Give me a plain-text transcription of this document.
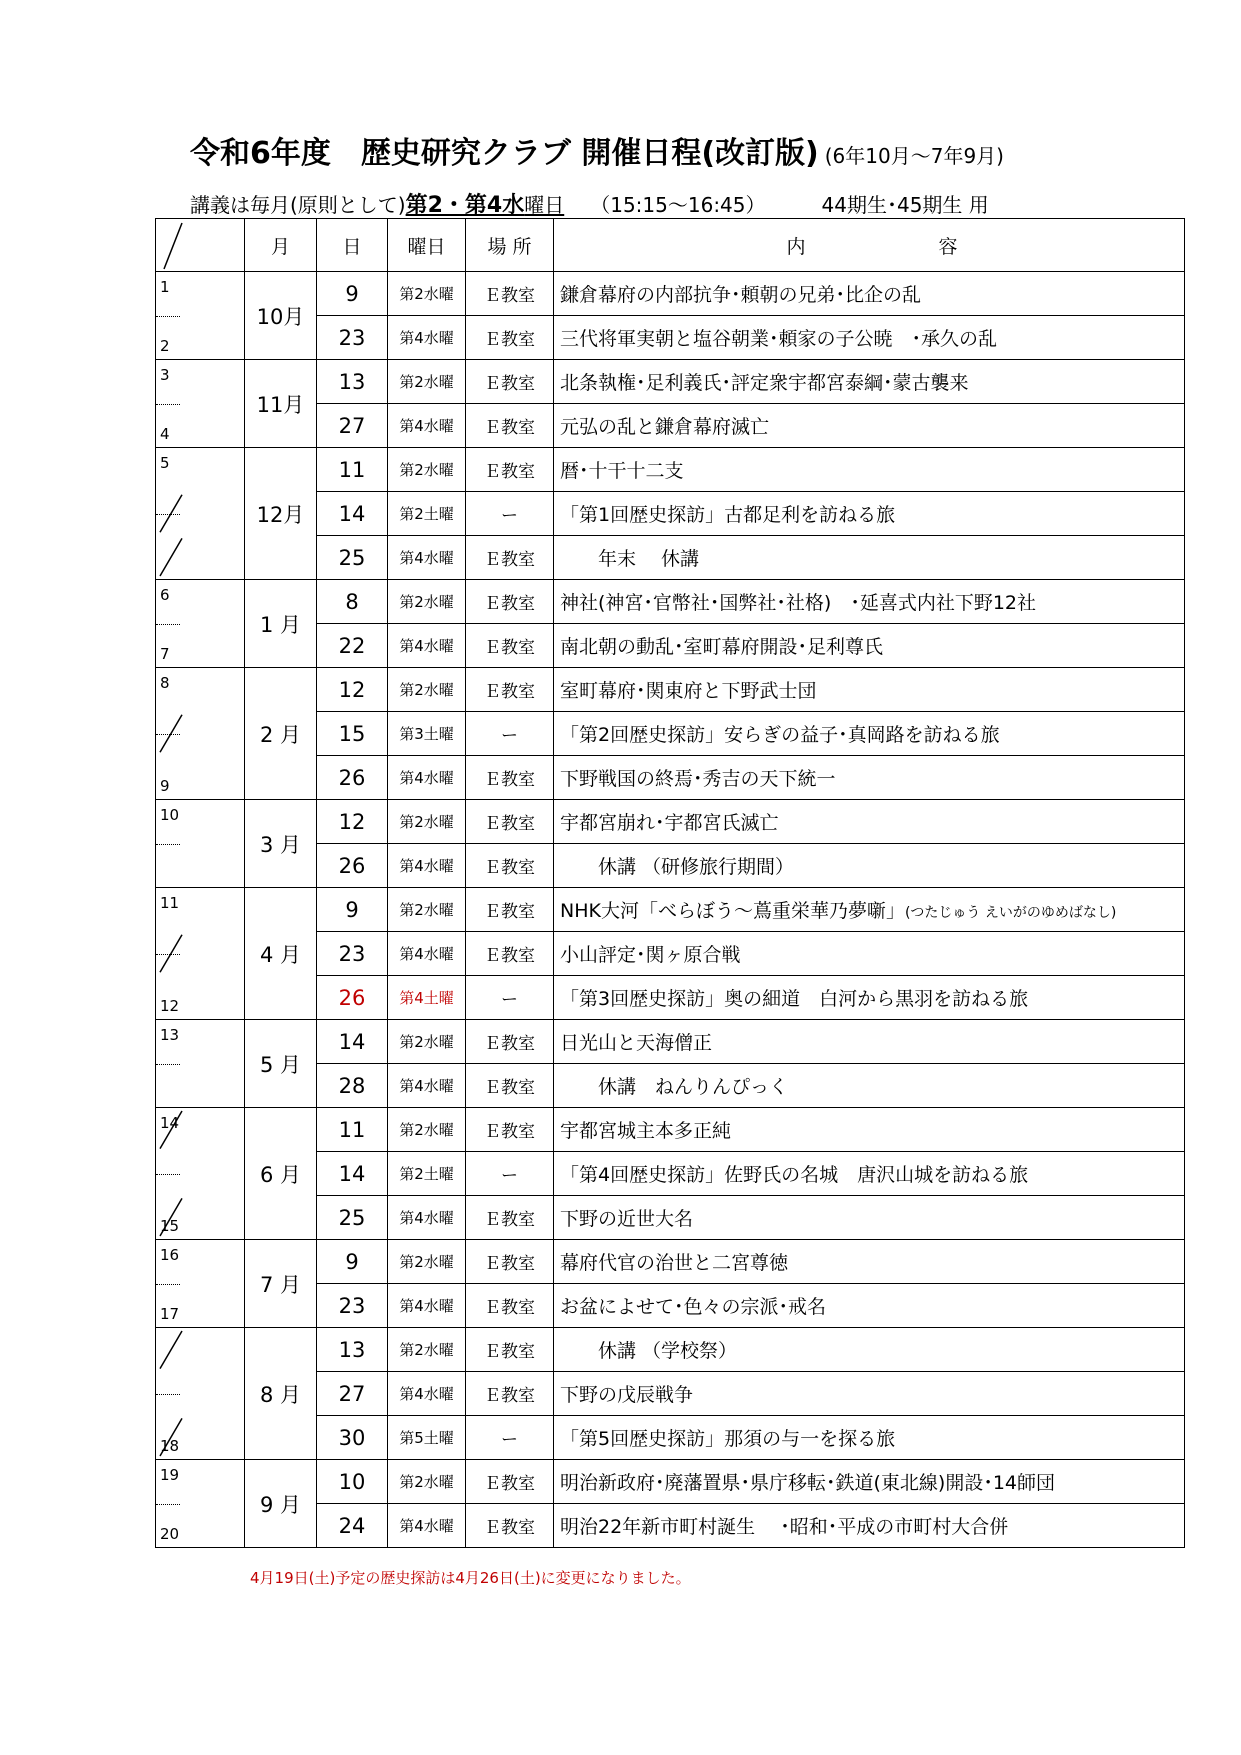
令和6年度　歴史研究クラブ 開催日程(改訂版) (6年10月～7年9月)
講義は毎月(原則として)第2・第4水曜日 （15:15～16:45）	44期生･45期生 用
	月	日	曜日	場 所	内　　　　　　　容

1
2	10月	9	第2水曜	Ｅ教室	鎌倉幕府の内部抗争･頼朝の兄弟･比企の乱
		23	第4水曜	Ｅ教室	三代将軍実朝と塩谷朝業･頼家の子公暁　･承久の乱

3
4	11月	13	第2水曜	Ｅ教室	北条執権･足利義氏･評定衆宇都宮泰綱･蒙古襲来
		27	第4水曜	Ｅ教室	元弘の乱と鎌倉幕府滅亡

5	12月	11	第2水曜	Ｅ教室	暦･十干十二支
		14	第2土曜	ー	「第1回歴史探訪」古都足利を訪ねる旅
		25	第4水曜	Ｅ教室	　　年末　 休講

6
7	1 月	8	第2水曜	Ｅ教室	神社(神宮･官幣社･国弊社･社格)　･延喜式内社下野12社
		22	第4水曜	Ｅ教室	南北朝の動乱･室町幕府開設･足利尊氏

8
9	2 月	12	第2水曜	Ｅ教室	室町幕府･関東府と下野武士団
		15	第3土曜	ー	「第2回歴史探訪」安らぎの益子･真岡路を訪ねる旅
		26	第4水曜	Ｅ教室	下野戦国の終焉･秀吉の天下統一

10	3 月	12	第2水曜	Ｅ教室	宇都宮崩れ･宇都宮氏滅亡
		26	第4水曜	Ｅ教室	　　休講 （研修旅行期間）

11
12	4 月	9	第2水曜	Ｅ教室	NHK大河「べらぼう～蔦重栄華乃夢噺」(つたじゅう えいがのゆめばなし)
		23	第4水曜	Ｅ教室	小山評定･関ヶ原合戦
		26	第4土曜	ー	「第3回歴史探訪」奥の細道　白河から黒羽を訪ねる旅

13	5 月	14	第2水曜	Ｅ教室	日光山と天海僧正
		28	第4水曜	Ｅ教室	　　休講　ねんりんぴっく

14
15	6 月	11	第2水曜	Ｅ教室	宇都宮城主本多正純
		14	第2土曜	ー	「第4回歴史探訪」佐野氏の名城　唐沢山城を訪ねる旅
		25	第4水曜	Ｅ教室	下野の近世大名

16
17	7 月	9	第2水曜	Ｅ教室	幕府代官の治世と二宮尊徳
		23	第4水曜	Ｅ教室	お盆によせて･色々の宗派･戒名

18	8 月	13	第2水曜	Ｅ教室	　　休講 （学校祭）
		27	第4水曜	Ｅ教室	下野の戊辰戦争
		30	第5土曜	ー	「第5回歴史探訪」那須の与一を探る旅

19
20	9 月	10	第2水曜	Ｅ教室	明治新政府･廃藩置県･県庁移転･鉄道(東北線)開設･14師団
		24	第4水曜	Ｅ教室	明治22年新市町村誕生　 ･昭和･平成の市町村大合併
4月19日(土)予定の歴史探訪は4月26日(土)に変更になりました。
